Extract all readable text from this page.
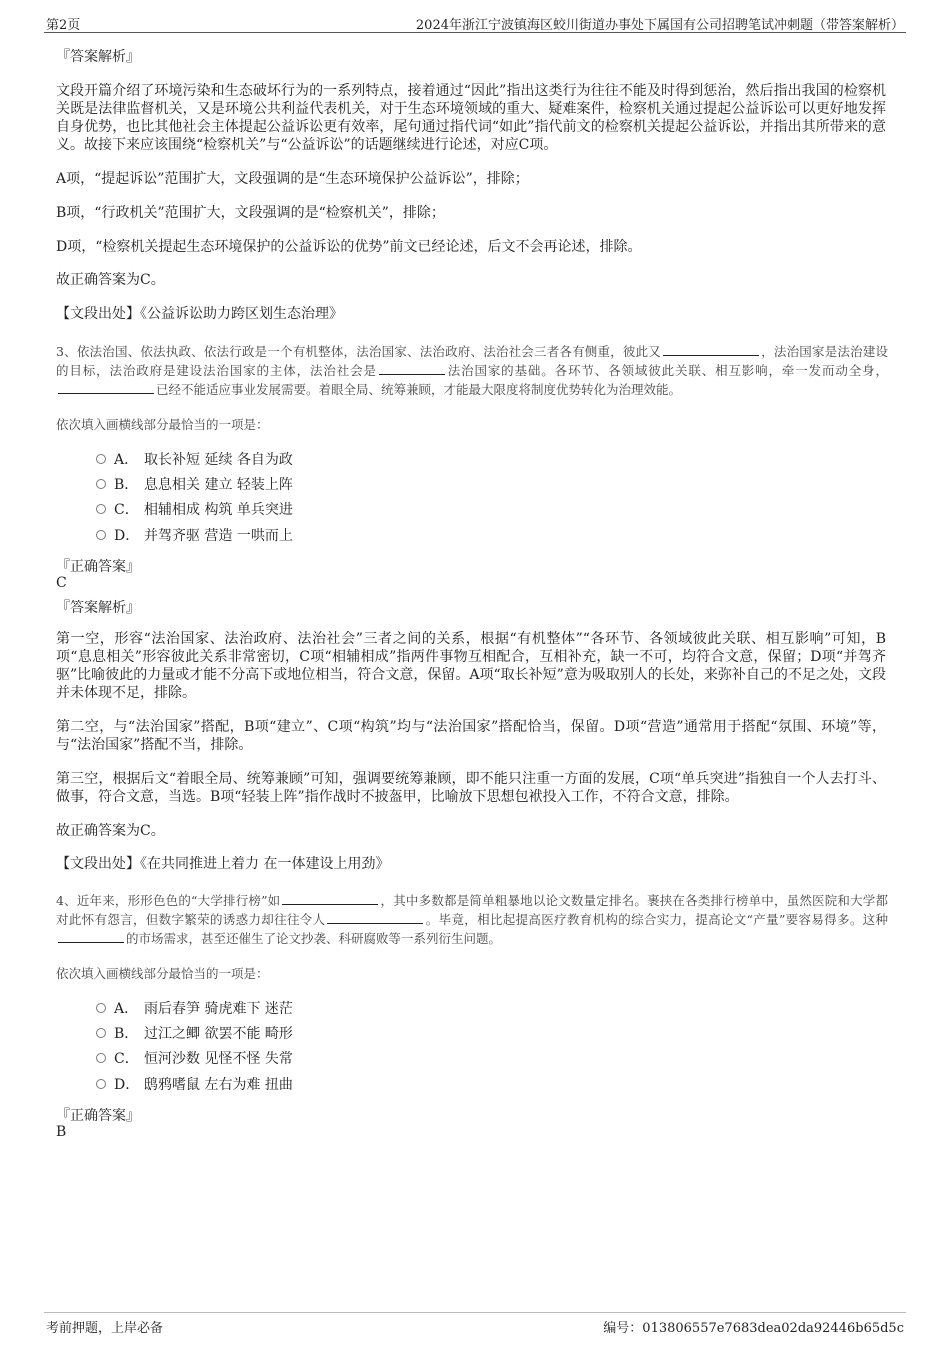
第2页	2024年浙江宁波镇海区蛟川街道办事处下属国有公司招聘笔试冲刺题（带答案解析）
『答案解析』
文段开篇介绍了环境污染和生态破坏行为的一系列特点，接着通过“因此”指出这类行为往往不能及时得到惩治，然后指出我国的检察机关既是法律监督机关，又是环境公共利益代表机关，对于生态环境领域的重大、疑难案件，检察机关通过提起公益诉讼可以更好地发挥自身优势，也比其他社会主体提起公益诉讼更有效率，尾句通过指代词“如此”指代前文的检察机关提起公益诉讼，并指出其所带来的意义。故接下来应该围绕“检察机关”与“公益诉讼”的话题继续进行论述，对应C项。
A项，“提起诉讼”范围扩大，文段强调的是“生态环境保护公益诉讼”，排除；
B项，“行政机关”范围扩大，文段强调的是“检察机关”，排除；
D项，“检察机关提起生态环境保护的公益诉讼的优势”前文已经论述，后文不会再论述，排除。
故正确答案为C。
【文段出处】《公益诉讼助力跨区划生态治理》
3、依法治国、依法执政、依法行政是一个有机整体，法治国家、法治政府、法治社会三者各有侧重，彼此又	，法治国家是法治建设的目标，法治政府是建设法治国家的主体，法治社会是	法治国家的基础。各环节、各领域彼此关联、相互影响，牵一发而动全身，已经不能适应事业发展需要。着眼全局、统筹兼顾，才能最大限度将制度优势转化为治理效能。
依次填入画横线部分最恰当的一项是：
A． 取长补短 延续 各自为政
B． 息息相关 建立 轻装上阵
C． 相辅相成 构筑 单兵突进
D． 并驾齐驱 营造 一哄而上
『正确答案』
C
『答案解析』
第一空，形容“法治国家、法治政府、法治社会”三者之间的关系，根据“有机整体”“各环节、各领域彼此关联、相互影响”可知，B项“息息相关”形容彼此关系非常密切，C项“相辅相成”指两件事物互相配合，互相补充，缺一不可，均符合文意，保留；D项“并驾齐驱”比喻彼此的力量或才能不分高下或地位相当，符合文意，保留。A项“取长补短”意为吸取别人的长处，来弥补自己的不足之处，文段并未体现不足，排除。
第二空，与“法治国家”搭配，B项“建立”、C项“构筑”均与“法治国家”搭配恰当，保留。D项“营造”通常用于搭配“氛围、环境”等，与“法治国家”搭配不当，排除。
第三空，根据后文“着眼全局、统筹兼顾”可知，强调要统筹兼顾，即不能只注重一方面的发展，C项“单兵突进”指独自一个人去打斗、做事，符合文意，当选。B项“轻装上阵”指作战时不披盔甲，比喻放下思想包袱投入工作，不符合文意，排除。
故正确答案为C。
【文段出处】《在共同推进上着力 在一体建设上用劲》
4、近年来，形形色色的“大学排行榜”如	，其中多数都是简单粗暴地以论文数量定排名。裹挟在各类排行榜单中，虽然医院和大学都对此怀有怨言，但数字繁荣的诱惑力却往往令人	。毕竟，相比起提高医疗教育机构的综合实力，提高论文“产量”要容易得多。这种的市场需求，甚至还催生了论文抄袭、科研腐败等一系列衍生问题。
依次填入画横线部分最恰当的一项是：
A． 雨后春笋 骑虎难下 迷茫
B． 过江之鲫 欲罢不能 畸形
C． 恒河沙数 见怪不怪 失常
D． 鸱鸦嗜鼠 左右为难 扭曲
『正确答案』
B
考前押题，上岸必备	编号：013806557e7683dea02da92446b65d5c
